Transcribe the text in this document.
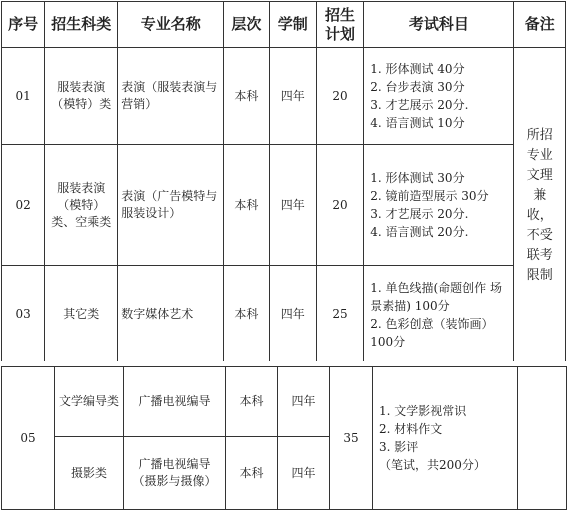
序号	招生科类	专业名称	层次	学制	招生计划	考试科目	备注
01	服装表演（模特）类	表演（服装表演与营销）	本科	四年	20	1. 形体测试 40分
2. 台步表演 30分
3. 才艺展示 20分.
4. 语言测试 10分	所招专业文理兼收，不受联考限制
02	服装表演（模特）类、空乘类	表演（广告模特与服装设计）	本科	四年	20	1. 形体测试 30分
2. 镜前造型展示 30分
3. 才艺展示 20分.
4. 语言测试 20分.	

03	其它类	数字媒体艺术	本科	四年	25	1. 单色线描(命题创作 场景素描) 100分
2. 色彩创意（装饰画）100分	
05	文学编导类	广播电视编导	本科	四年	35	1. 文学影视常识
2. 材料作文
3. 影评
（笔试，共200分）	

	摄影类	广播电视编导（摄影与摄像）	本科	四年			
